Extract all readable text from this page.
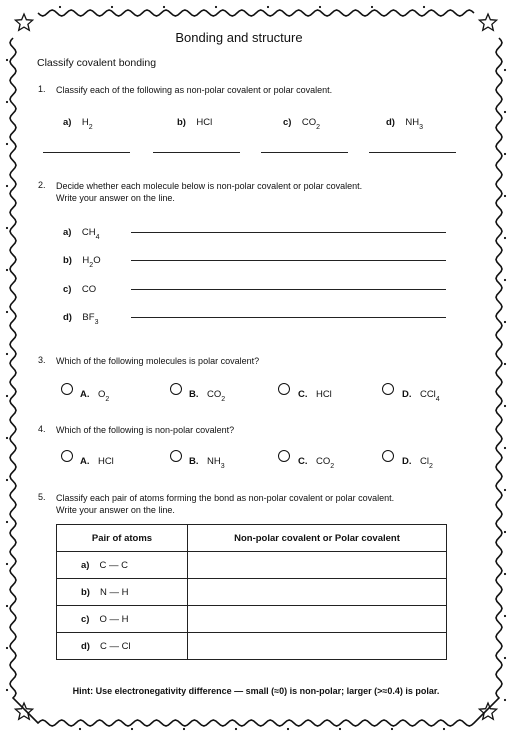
Bonding and structure
Classify covalent bonding
1. Classify each of the following as non-polar covalent or polar covalent.
a) $H_2$	b) HCl	c) $CO_2$	d) $NH_3$
2. Decide whether each molecule below is non-polar covalent or polar covalent.
Write your answer on the line.
a) $CH_4$
b) $H_2O$
c) CO
d) $BF_3$
3. Which of the following molecules is polar covalent?
A. $O_2$	B. $CO_2$	C. HCl	D. CCl$_4$
4. Which of the following is non-polar covalent?
A. HCl	B. $NH_3$	C. $CO_2$	D. $Cl_2$
5. Classify each pair of atoms forming the bond as non-polar covalent or polar covalent.
Write your answer on the line.
Pair of atoms	Non-polar covalent or Polar covalent
a) C — C	
b) N — H	
c) O — H	
d) C — Cl	
Hint: Use electronegativity difference — small (≈0) is non-polar; larger (>≈0.4) is polar.
